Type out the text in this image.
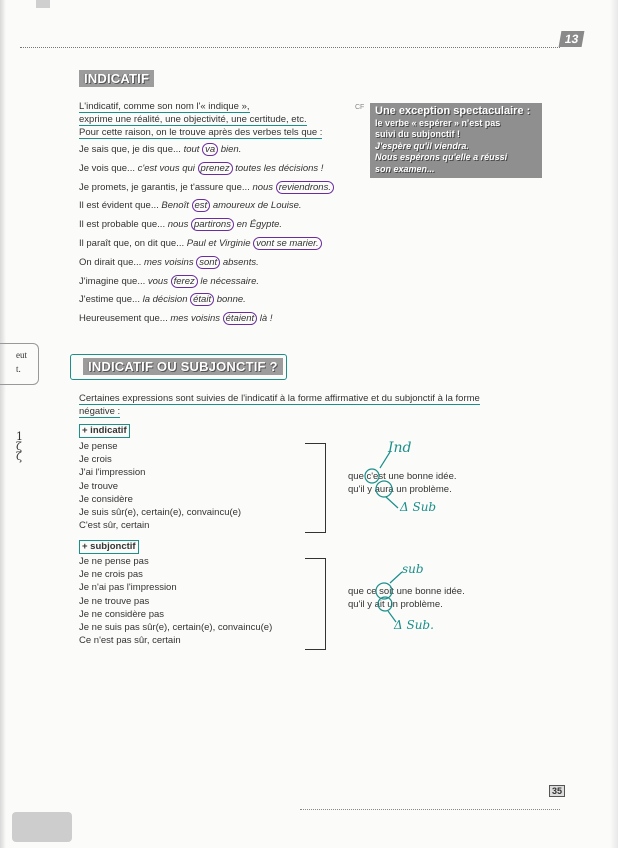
13
eut
t.
1
ζ
ζ
INDICATIF
L'indicatif, comme son nom l'« indique »,
exprime une réalité, une objectivité, une certitude, etc.
Pour cette raison, on le trouve après des verbes tels que :
Je sais que, je dis que... tout va bien.
Je vois que... c'est vous qui prenez toutes les décisions !
Je promets, je garantis, je t'assure que... nous reviendrons.
Il est évident que... Benoît est amoureux de Louise.
Il est probable que... nous partirons en Égypte.
Il paraît que, on dit que... Paul et Virginie vont se marier.
On dirait que... mes voisins sont absents.
J'imagine que... vous ferez le nécessaire.
J'estime que... la décision était bonne.
Heureusement que... mes voisins étaient là !
CF Une exception spectaculaire :
le verbe « espérer » n'est pas
suivi du subjonctif !
J'espère qu'il viendra.
Nous espérons qu'elle a réussi
son examen...
INDICATIF OU SUBJONCTIF ?
Certaines expressions sont suivies de l'indicatif à la forme affirmative et du subjonctif à la forme
négative :
+ indicatif
Je pense
Je crois
J'ai l'impression
Je trouve
Je considère
Je suis sûr(e), certain(e), convaincu(e)
C'est sûr, certain
que c'est une bonne idée.
qu'il y aura un problème.
+ subjonctif
Je ne pense pas
Je ne crois pas
Je n'ai pas l'impression
Je ne trouve pas
Je ne considère pas
Je ne suis pas sûr(e), certain(e), convaincu(e)
Ce n'est pas sûr, certain
que ce soit une bonne idée.
qu'il y ait un problème.
Ind
Δ Sub
sub
Δ Sub.
35
